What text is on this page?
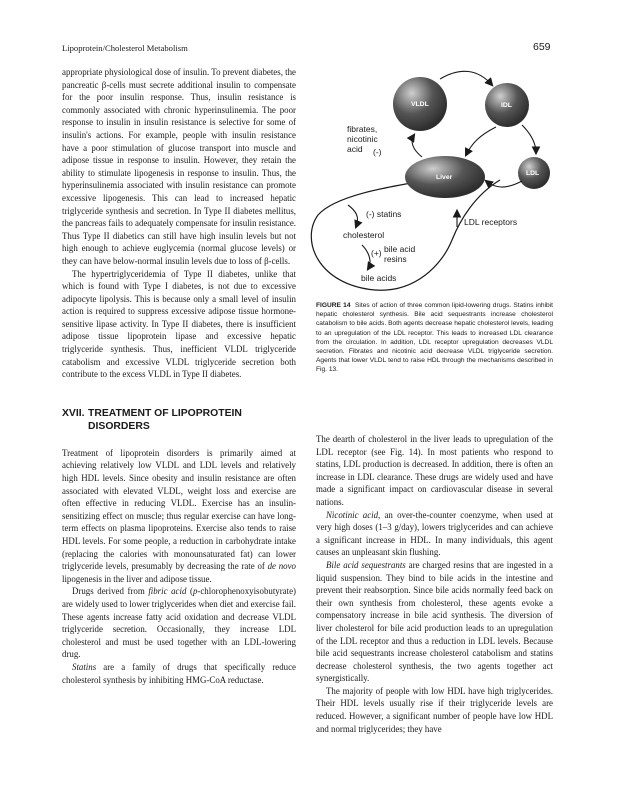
Lipoprotein/Cholesterol Metabolism	659

appropriate physiological dose of insulin. To prevent diabetes, the pancreatic β-cells must secrete additional insulin to compensate for the poor insulin response. Thus, insulin resistance is commonly associated with chronic hyperinsulinemia. The poor response to insulin in insulin resistance is selective for some of insulin's actions. For example, people with insulin resistance have a poor stimulation of glucose transport into muscle and adipose tissue in response to insulin. However, they retain the ability to stimulate lipogenesis in response to insulin. Thus, the hyperinsulinemia associated with insulin resistance can promote excessive lipogenesis. This can lead to increased hepatic triglyceride synthesis and secretion. In Type II diabetes mellitus, the pancreas fails to adequately compensate for insulin resistance. Thus Type II diabetics can still have high insulin levels but not high enough to achieve euglycemia (normal glucose levels) or they can have below-normal insulin levels due to loss of β-cells.

The hypertriglyceridemia of Type II diabetes, unlike that which is found with Type I diabetes, is not due to excessive adipocyte lipolysis. This is because only a small level of insulin action is required to suppress excessive adipose tissue hormone-sensitive lipase activity. In Type II diabetes, there is insufficient adipose tissue lipoprotein lipase and excessive hepatic triglyceride synthesis. Thus, inefficient VLDL triglyceride catabolism and excessive VLDL triglyceride secretion both contribute to the excess VLDL in Type II diabetes.

XVII. TREATMENT OF LIPOPROTEIN
DISORDERS

Treatment of lipoprotein disorders is primarily aimed at achieving relatively low VLDL and LDL levels and relatively high HDL levels. Since obesity and insulin resistance are often associated with elevated VLDL, weight loss and exercise are often effective in reducing VLDL. Exercise has an insulin-sensitizing effect on muscle; thus regular exercise can have long-term effects on plasma lipoproteins. Exercise also tends to raise HDL levels. For some people, a reduction in carbohydrate intake (replacing the calories with monounsaturated fat) can lower triglyceride levels, presumably by decreasing the rate of de novo lipogenesis in the liver and adipose tissue.

Drugs derived from fibric acid (p-chlorophenoxyisobutyrate) are widely used to lower triglycerides when diet and exercise fail. These agents increase fatty acid oxidation and decrease VLDL triglyceride secretion. Occasionally, they increase LDL cholesterol and must be used together with an LDL-lowering drug.

Statins are a family of drugs that specifically reduce cholesterol synthesis by inhibiting HMG-CoA reductase.

VLDL	IDL
LDL
Liver
fibrates,
nicotinic
acid (-)
(-) statins
cholesterol
(+) bile acid
resins
bile acids
LDL receptors
FIGURE 14 Sites of action of three common lipid-lowering drugs. Statins inhibit hepatic cholesterol synthesis. Bile acid sequestrants increase cholesterol catabolism to bile acids. Both agents decrease hepatic cholesterol levels, leading to an upregulation of the LDL receptor. This leads to increased LDL clearance from the circulation. In addition, LDL receptor upregulation decreases VLDL secretion. Fibrates and nicotinic acid decrease VLDL triglyceride secretion. Agents that lower VLDL tend to raise HDL through the mechanisms described in Fig. 13.

The dearth of cholesterol in the liver leads to upregulation of the LDL receptor (see Fig. 14). In most patients who respond to statins, LDL production is decreased. In addition, there is often an increase in LDL clearance. These drugs are widely used and have made a significant impact on cardiovascular disease in several nations.

Nicotinic acid, an over-the-counter coenzyme, when used at very high doses (1–3 g/day), lowers triglycerides and can achieve a significant increase in HDL. In many individuals, this agent causes an unpleasant skin flushing.

Bile acid sequestrants are charged resins that are ingested in a liquid suspension. They bind to bile acids in the intestine and prevent their reabsorption. Since bile acids normally feed back on their own synthesis from cholesterol, these agents evoke a compensatory increase in bile acid synthesis. The diversion of liver cholesterol for bile acid production leads to an upregulation of the LDL receptor and thus a reduction in LDL levels. Because bile acid sequestrants increase cholesterol catabolism and statins decrease cholesterol synthesis, the two agents together act synergistically.

The majority of people with low HDL have high triglycerides. Their HDL levels usually rise if their triglyceride levels are reduced. However, a significant number of people have low HDL and normal triglycerides; they have
